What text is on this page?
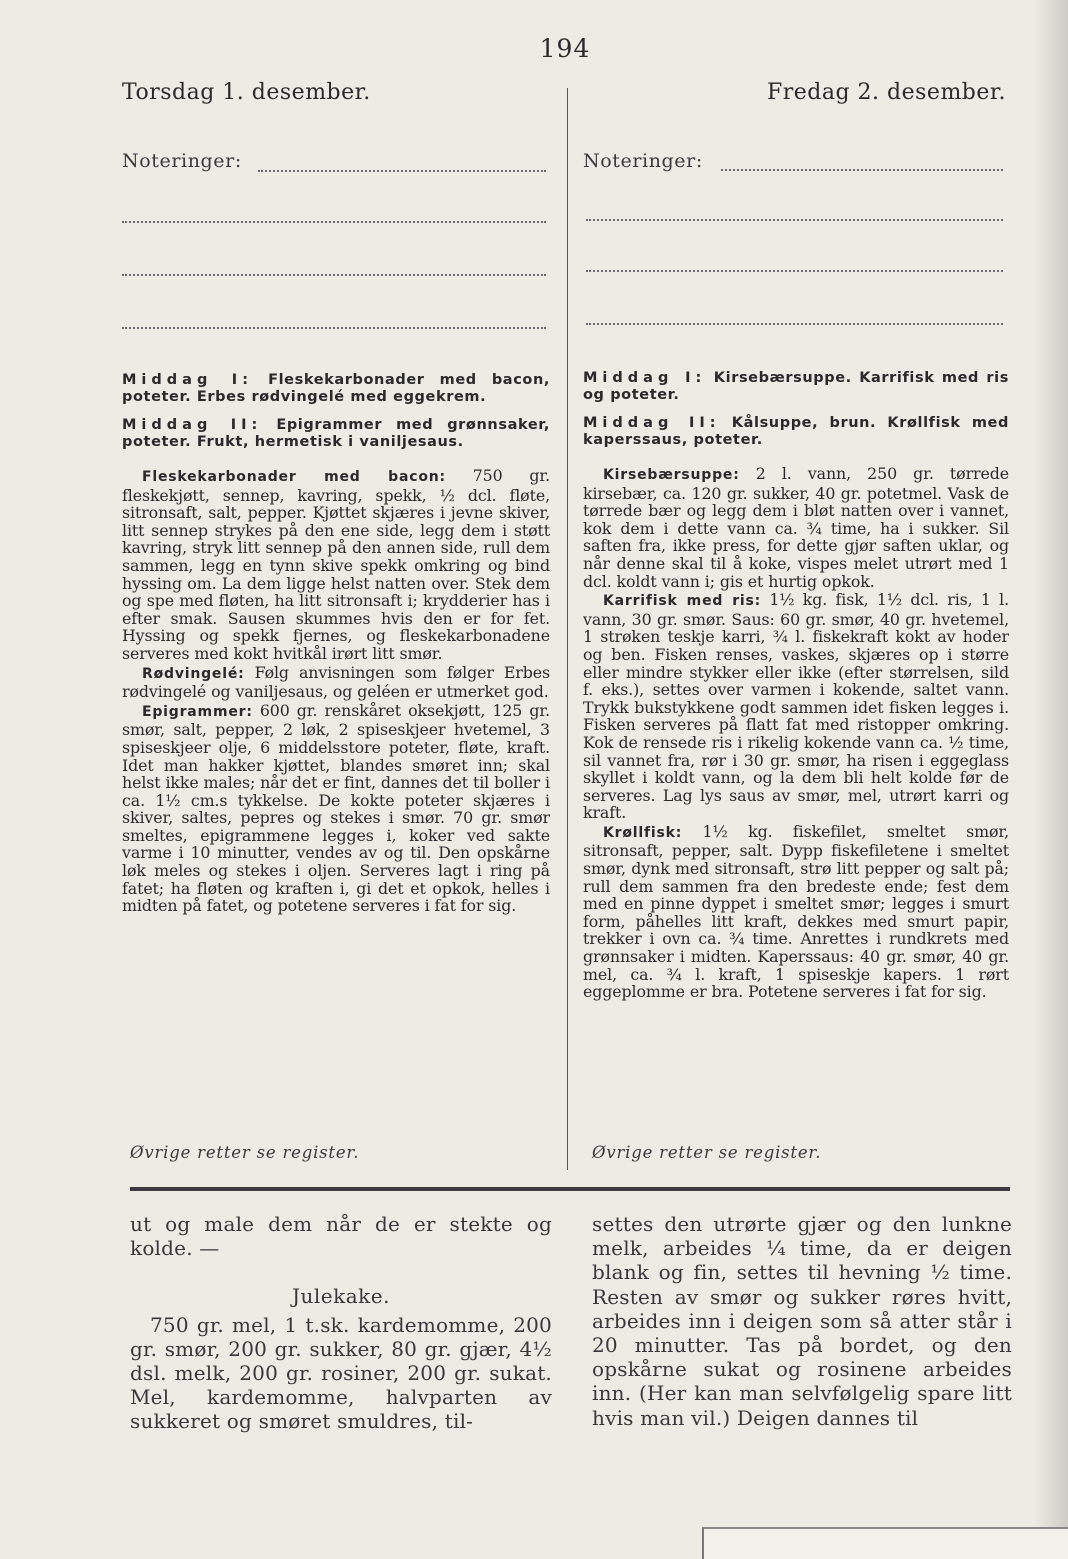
194
Torsdag 1. desember.	Fredag 2. desember.
Noteringer:	Noteringer:

Middag I: Fleskekarbonader med bacon, poteter. Erbes rødvingelé med eggekrem.

Middag II: Epigrammer med grønnsaker, poteter. Frukt, hermetisk i vaniljesaus.

Fleskekarbonader med bacon: 750 gr. fleskekjøtt, sennep, kavring, spekk, ½ dcl. fløte, sitronsaft, salt, pepper. Kjøttet skjæres i jevne skiver, litt sennep strykes på den ene side, legg dem i støtt kavring, stryk litt sennep på den annen side, rull dem sammen, legg en tynn skive spekk omkring og bind hyssing om. La dem ligge helst natten over. Stek dem og spe med fløten, ha litt sitronsaft i; krydderier has i efter smak. Sausen skummes hvis den er for fet. Hyssing og spekk fjernes, og fleskekarbonadene serveres med kokt hvitkål irørt litt smør.

Rødvingelé: Følg anvisningen som følger Erbes rødvingelé og vaniljesaus, og geléen er utmerket god.

Epigrammer: 600 gr. renskåret oksekjøtt, 125 gr. smør, salt, pepper, 2 løk, 2 spiseskjeer hvetemel, 3 spiseskjeer olje, 6 middelsstore poteter, fløte, kraft. Idet man hakker kjøttet, blandes smøret inn; skal helst ikke males; når det er fint, dannes det til boller i ca. 1½ cm.s tykkelse. De kokte poteter skjæres i skiver, saltes, pepres og stekes i smør. 70 gr. smør smeltes, epigrammene legges i, koker ved sakte varme i 10 minutter, vendes av og til. Den opskårne løk meles og stekes i oljen. Serveres lagt i ring på fatet; ha fløten og kraften i, gi det et opkok, helles i midten på fatet, og potetene serveres i fat for sig.

Middag I: Kirsebærsuppe. Karrifisk med ris og poteter.

Middag II: Kålsuppe, brun. Krøllfisk med kaperssaus, poteter.

Kirsebærsuppe: 2 l. vann, 250 gr. tørrede kirsebær, ca. 120 gr. sukker, 40 gr. potetmel. Vask de tørrede bær og legg dem i bløt natten over i vannet, kok dem i dette vann ca. ¾ time, ha i sukker. Sil saften fra, ikke press, for dette gjør saften uklar, og når denne skal til å koke, vispes melet utrørt med 1 dcl. koldt vann i; gis et hurtig opkok.

Karrifisk med ris: 1½ kg. fisk, 1½ dcl. ris, 1 l. vann, 30 gr. smør. Saus: 60 gr. smør, 40 gr. hvetemel, 1 strøken teskje karri, ¾ l. fiskekraft kokt av hoder og ben. Fisken renses, vaskes, skjæres op i større eller mindre stykker eller ikke (efter størrelsen, sild f. eks.), settes over varmen i kokende, saltet vann. Trykk bukstykkene godt sammen idet fisken legges i. Fisken serveres på flatt fat med ristopper omkring. Kok de rensede ris i rikelig kokende vann ca. ½ time, sil vannet fra, rør i 30 gr. smør, ha risen i eggeglass skyllet i koldt vann, og la dem bli helt kolde før de serveres. Lag lys saus av smør, mel, utrørt karri og kraft.

Krøllfisk: 1½ kg. fiskefilet, smeltet smør, sitronsaft, pepper, salt. Dypp fiskefiletene i smeltet smør, dynk med sitronsaft, strø litt pepper og salt på; rull dem sammen fra den bredeste ende; fest dem med en pinne dyppet i smeltet smør; legges i smurt form, påhelles litt kraft, dekkes med smurt papir, trekker i ovn ca. ¾ time. Anrettes i rundkrets med grønnsaker i midten. Kaperssaus: 40 gr. smør, 40 gr. mel, ca. ¾ l. kraft, 1 spiseskje kapers. 1 rørt eggeplomme er bra. Potetene serveres i fat for sig.

Øvrige retter se register.	Øvrige retter se register.

ut og male dem når de er stekte og kolde. —

Julekake.

750 gr. mel, 1 t.sk. kardemomme, 200 gr. smør, 200 gr. sukker, 80 gr. gjær, 4½ dsl. melk, 200 gr. rosiner, 200 gr. sukat. Mel, kardemomme, halvparten av sukkeret og smøret smuldres, til-

settes den utrørte gjær og den lunkne melk, arbeides ¼ time, da er deigen blank og fin, settes til hevning ½ time. Resten av smør og sukker røres hvitt, arbeides inn i deigen som så atter står i 20 minutter. Tas på bordet, og den opskårne sukat og rosinene arbeides inn. (Her kan man selvfølgelig spare litt hvis man vil.) Deigen dannes til
